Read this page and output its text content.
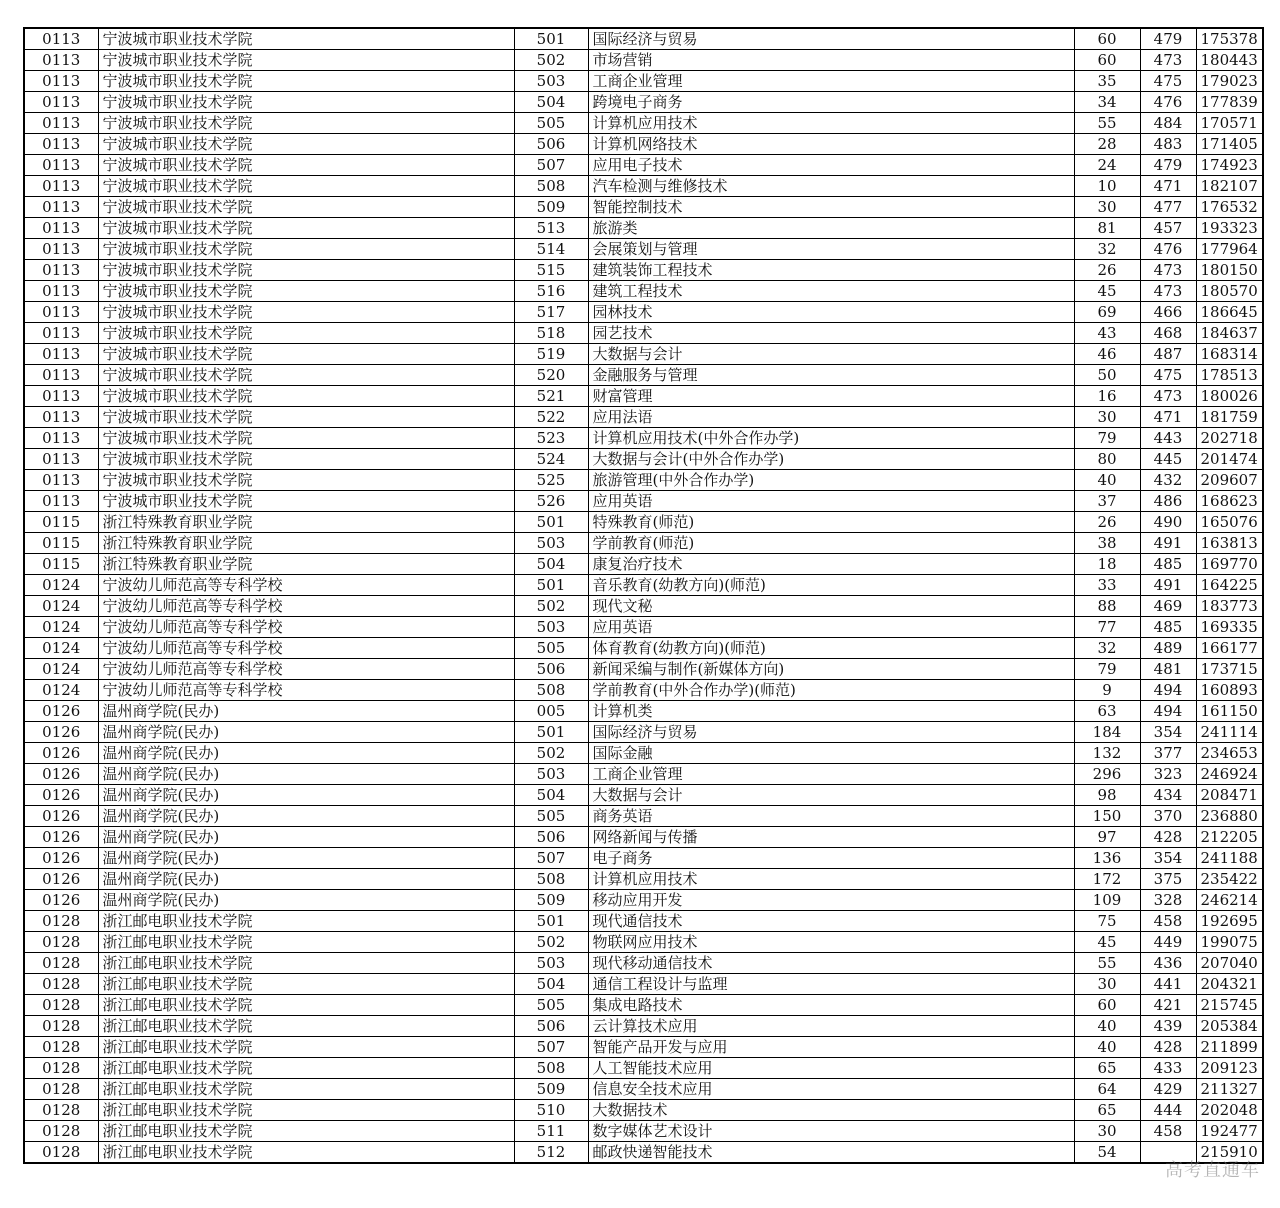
0113	宁波城市职业技术学院	501	国际经济与贸易	60	479	175378
0113	宁波城市职业技术学院	502	市场营销	60	473	180443
0113	宁波城市职业技术学院	503	工商企业管理	35	475	179023
0113	宁波城市职业技术学院	504	跨境电子商务	34	476	177839
0113	宁波城市职业技术学院	505	计算机应用技术	55	484	170571
0113	宁波城市职业技术学院	506	计算机网络技术	28	483	171405
0113	宁波城市职业技术学院	507	应用电子技术	24	479	174923
0113	宁波城市职业技术学院	508	汽车检测与维修技术	10	471	182107
0113	宁波城市职业技术学院	509	智能控制技术	30	477	176532
0113	宁波城市职业技术学院	513	旅游类	81	457	193323
0113	宁波城市职业技术学院	514	会展策划与管理	32	476	177964
0113	宁波城市职业技术学院	515	建筑装饰工程技术	26	473	180150
0113	宁波城市职业技术学院	516	建筑工程技术	45	473	180570
0113	宁波城市职业技术学院	517	园林技术	69	466	186645
0113	宁波城市职业技术学院	518	园艺技术	43	468	184637
0113	宁波城市职业技术学院	519	大数据与会计	46	487	168314
0113	宁波城市职业技术学院	520	金融服务与管理	50	475	178513
0113	宁波城市职业技术学院	521	财富管理	16	473	180026
0113	宁波城市职业技术学院	522	应用法语	30	471	181759
0113	宁波城市职业技术学院	523	计算机应用技术(中外合作办学)	79	443	202718
0113	宁波城市职业技术学院	524	大数据与会计(中外合作办学)	80	445	201474
0113	宁波城市职业技术学院	525	旅游管理(中外合作办学)	40	432	209607
0113	宁波城市职业技术学院	526	应用英语	37	486	168623
0115	浙江特殊教育职业学院	501	特殊教育(师范)	26	490	165076
0115	浙江特殊教育职业学院	503	学前教育(师范)	38	491	163813
0115	浙江特殊教育职业学院	504	康复治疗技术	18	485	169770
0124	宁波幼儿师范高等专科学校	501	音乐教育(幼教方向)(师范)	33	491	164225
0124	宁波幼儿师范高等专科学校	502	现代文秘	88	469	183773
0124	宁波幼儿师范高等专科学校	503	应用英语	77	485	169335
0124	宁波幼儿师范高等专科学校	505	体育教育(幼教方向)(师范)	32	489	166177
0124	宁波幼儿师范高等专科学校	506	新闻采编与制作(新媒体方向)	79	481	173715
0124	宁波幼儿师范高等专科学校	508	学前教育(中外合作办学)(师范)	9	494	160893
0126	温州商学院(民办)	005	计算机类	63	494	161150
0126	温州商学院(民办)	501	国际经济与贸易	184	354	241114
0126	温州商学院(民办)	502	国际金融	132	377	234653
0126	温州商学院(民办)	503	工商企业管理	296	323	246924
0126	温州商学院(民办)	504	大数据与会计	98	434	208471
0126	温州商学院(民办)	505	商务英语	150	370	236880
0126	温州商学院(民办)	506	网络新闻与传播	97	428	212205
0126	温州商学院(民办)	507	电子商务	136	354	241188
0126	温州商学院(民办)	508	计算机应用技术	172	375	235422
0126	温州商学院(民办)	509	移动应用开发	109	328	246214
0128	浙江邮电职业技术学院	501	现代通信技术	75	458	192695
0128	浙江邮电职业技术学院	502	物联网应用技术	45	449	199075
0128	浙江邮电职业技术学院	503	现代移动通信技术	55	436	207040
0128	浙江邮电职业技术学院	504	通信工程设计与监理	30	441	204321
0128	浙江邮电职业技术学院	505	集成电路技术	60	421	215745
0128	浙江邮电职业技术学院	506	云计算技术应用	40	439	205384
0128	浙江邮电职业技术学院	507	智能产品开发与应用	40	428	211899
0128	浙江邮电职业技术学院	508	人工智能技术应用	65	433	209123
0128	浙江邮电职业技术学院	509	信息安全技术应用	64	429	211327
0128	浙江邮电职业技术学院	510	大数据技术	65	444	202048
0128	浙江邮电职业技术学院	511	数字媒体艺术设计	30	458	192477
0128	浙江邮电职业技术学院	512	邮政快递智能技术	54		215910
高考直通车
